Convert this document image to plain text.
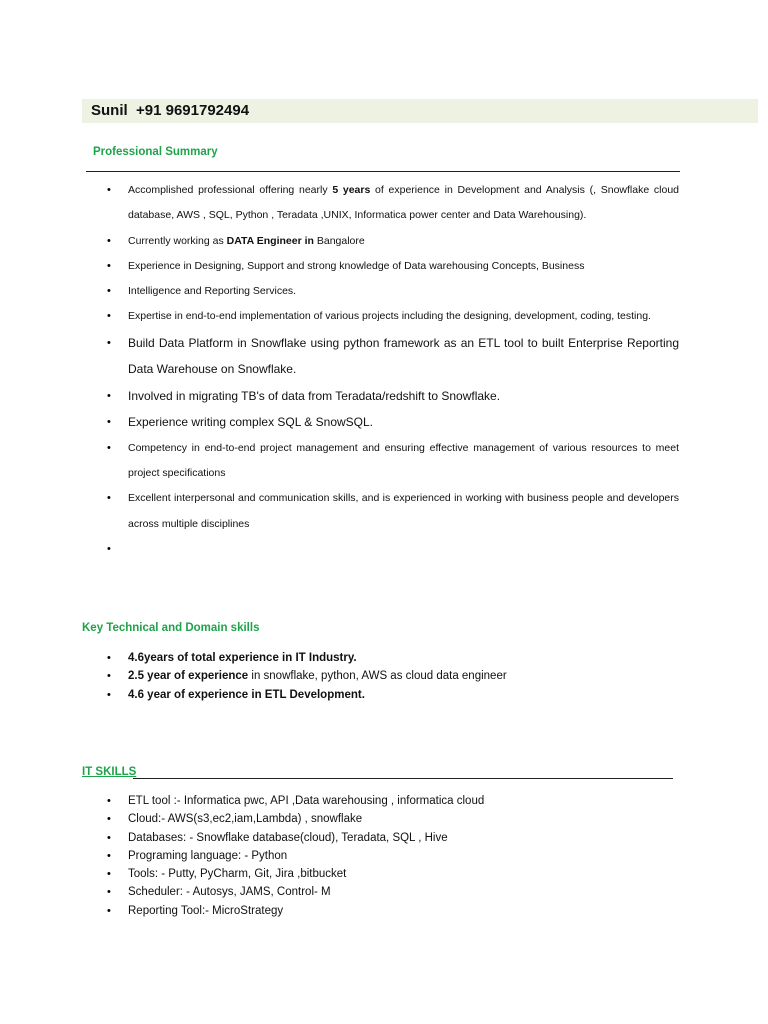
Sunil +91 9691792494
Professional Summary
• Accomplished professional offering nearly 5 years of experience in Development and Analysis (, Snowflake cloud database, AWS , SQL, Python , Teradata ,UNIX, Informatica power center and Data Warehousing).
• Currently working as DATA Engineer in Bangalore
• Experience in Designing, Support and strong knowledge of Data warehousing Concepts, Business
• Intelligence and Reporting Services.
• Expertise in end-to-end implementation of various projects including the designing, development, coding, testing.
• Build Data Platform in Snowflake using python framework as an ETL tool to built Enterprise Reporting Data Warehouse on Snowflake.
• Involved in migrating TB's of data from Teradata/redshift to Snowflake.
• Experience writing complex SQL & SnowSQL.
• Competency in end-to-end project management and ensuring effective management of various resources to meet project specifications
• Excellent interpersonal and communication skills, and is experienced in working with business people and developers across multiple disciplines
•
Key Technical and Domain skills
• 4.6years of total experience in IT Industry.
• 2.5 year of experience in snowflake, python, AWS as cloud data engineer
• 4.6 year of experience in ETL Development.
IT SKILLS
• ETL tool :- Informatica pwc, API ,Data warehousing , informatica cloud
• Cloud:- AWS(s3,ec2,iam,Lambda) , snowflake
• Databases: - Snowflake database(cloud), Teradata, SQL , Hive
• Programing language: - Python
• Tools: - Putty, PyCharm, Git, Jira ,bitbucket
• Scheduler: - Autosys, JAMS, Control- M
• Reporting Tool:- MicroStrategy
